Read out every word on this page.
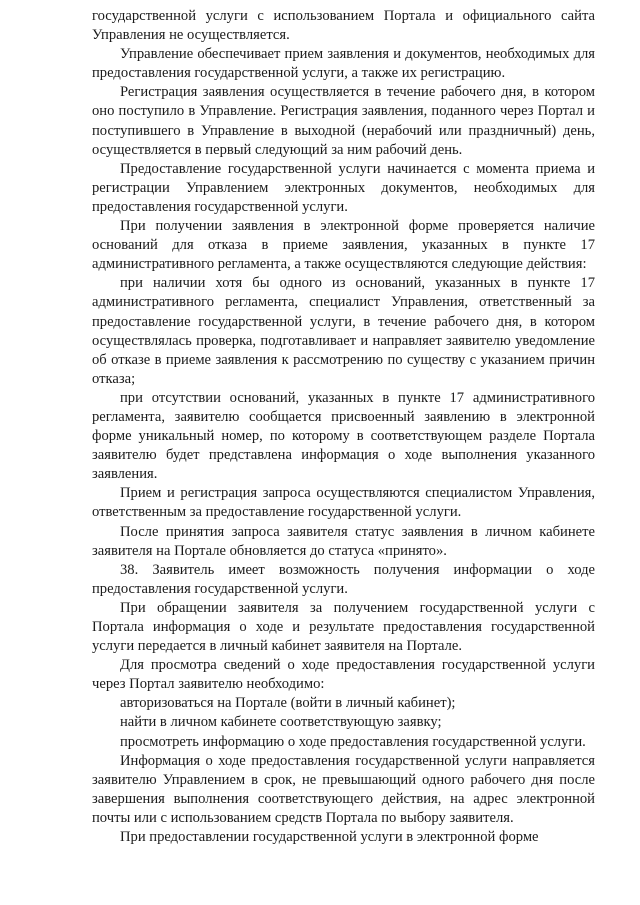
государственной услуги с использованием Портала и официального сайта Управления не осуществляется.

Управление обеспечивает прием заявления и документов, необходимых для предоставления государственной услуги, а также их регистрацию.

Регистрация заявления осуществляется в течение рабочего дня, в котором оно поступило в Управление. Регистрация заявления, поданного через Портал и поступившего в Управление в выходной (нерабочий или праздничный) день, осуществляется в первый следующий за ним рабочий день.

Предоставление государственной услуги начинается с момента приема и регистрации Управлением электронных документов, необходимых для предоставления государственной услуги.

При получении заявления в электронной форме проверяется наличие оснований для отказа в приеме заявления, указанных в пункте 17 административного регламента, а также осуществляются следующие действия:

при наличии хотя бы одного из оснований, указанных в пункте 17 административного регламента, специалист Управления, ответственный за предоставление государственной услуги, в течение рабочего дня, в котором осуществлялась проверка, подготавливает и направляет заявителю уведомление об отказе в приеме заявления к рассмотрению по существу с указанием причин отказа;

при отсутствии оснований, указанных в пункте 17 административного регламента, заявителю сообщается присвоенный заявлению в электронной форме уникальный номер, по которому в соответствующем разделе Портала заявителю будет представлена информация о ходе выполнения указанного заявления.

Прием и регистрация запроса осуществляются специалистом Управления, ответственным за предоставление государственной услуги.

После принятия запроса заявителя статус заявления в личном кабинете заявителя на Портале обновляется до статуса «принято».

38. Заявитель имеет возможность получения информации о ходе предоставления государственной услуги.

При обращении заявителя за получением государственной услуги с Портала информация о ходе и результате предоставления государственной услуги передается в личный кабинет заявителя на Портале.

Для просмотра сведений о ходе предоставления государственной услуги через Портал заявителю необходимо:

авторизоваться на Портале (войти в личный кабинет);

найти в личном кабинете соответствующую заявку;

просмотреть информацию о ходе предоставления государственной услуги.

Информация о ходе предоставления государственной услуги направляется заявителю Управлением в срок, не превышающий одного рабочего дня после завершения выполнения соответствующего действия, на адрес электронной почты или с использованием средств Портала по выбору заявителя.

При предоставлении государственной услуги в электронной форме
